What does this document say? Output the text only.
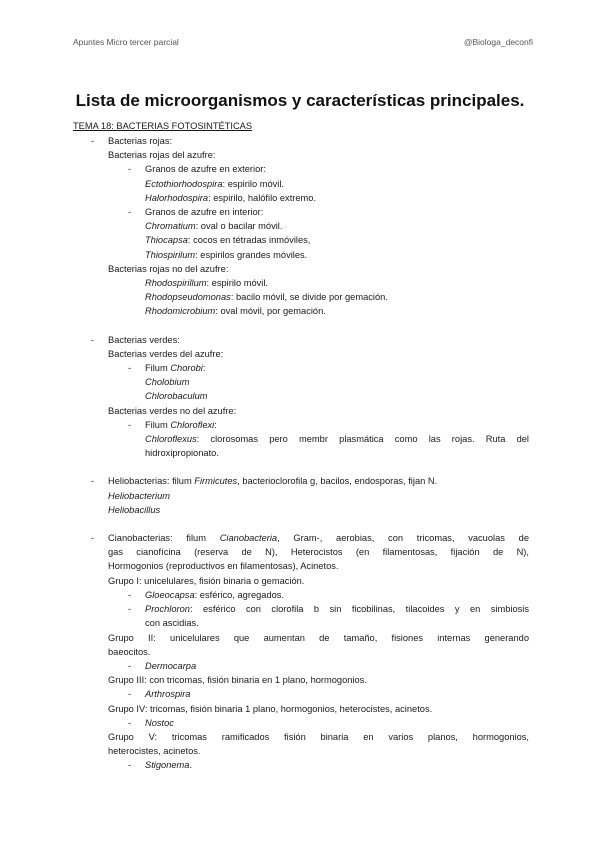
Apuntes Micro tercer parcial	@Biologa_deconfi
Lista de microorganismos y características principales.
TEMA 18: BACTERIAS FOTOSINTÉTICAS
- Bacterias rojas:
Bacterias rojas del azufre:
- Granos de azufre en exterior:
Ectothiorhodospira: espirilo móvil.
Halorhodospira: espirilo, halófilo extremo.
- Granos de azufre en interior:
Chromatium: oval o bacilar móvil.
Thiocapsa: cocos en tétradas inmóviles,
Thiospirilum: espirilos grandes móviles.
Bacterias rojas no del azufre:
Rhodospirillum: espirilo móvil.
Rhodopseudomonas: bacilo móvil, se divide por gemación.
Rhodomicrobium: oval móvil, por gemación.
- Bacterias verdes:
Bacterias verdes del azufre:
- Filum Chorobi:
Cholobium
Chlorobaculum
Bacterias verdes no del azufre:
- Filum Chloroflexi:
Chloroflexus: clorosomas pero membr plasmática como las rojas. Ruta del
hidroxipropionato.
- Heliobacterias: filum Firmicutes, bacterioclorofila g, bacilos, endosporas, fijan N.
Heliobacterium
Heliobacillus
- Cianobacterias: filum Cianobacteria, Gram-, aerobias, con tricomas, vacuolas de
gas cianofícina (reserva de N), Heterocistos (en filamentosas, fijación de N),
Hormogonios (reproductivos en filamentosas), Acinetos.
Grupo I: unicelulares, fisión binaria o gemación.
- Gloeocapsa: esférico, agregados.
- Prochloron: esférico con clorofila b sin ficobilinas, tilacoides y en simbiosis
con ascidias.
Grupo II: unicelulares que aumentan de tamaño, fisiones internas generando
baeocitos.
- Dermocarpa
Grupo III: con tricomas, fisión binaria en 1 plano, hormogonios.
- Arthrospira
Grupo IV: tricomas, fisión binaria 1 plano, hormogonios, heterocistes, acinetos.
- Nostoc
Grupo V: tricomas ramificados fisión binaria en varios planos, hormogonios,
heterocistes, acinetos.
- Stigonema.
